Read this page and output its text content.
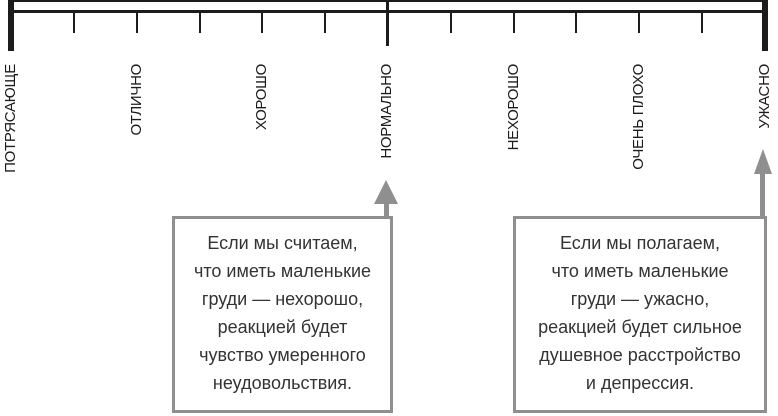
ПОТРЯСАЮЩЕ	ОТЛИЧНО	ХОРОШО	НОРМАЛЬНО	НЕХОРОШО	ОЧЕНЬ ПЛОХО	УЖАСНО
Если мы считаем,
что иметь маленькие
груди — нехорошо,
реакцией будет
чувство умеренного
неудовольствия.
Если мы полагаем,
что иметь маленькие
груди — ужасно,
реакцией будет сильное
душевное расстройство
и депрессия.
